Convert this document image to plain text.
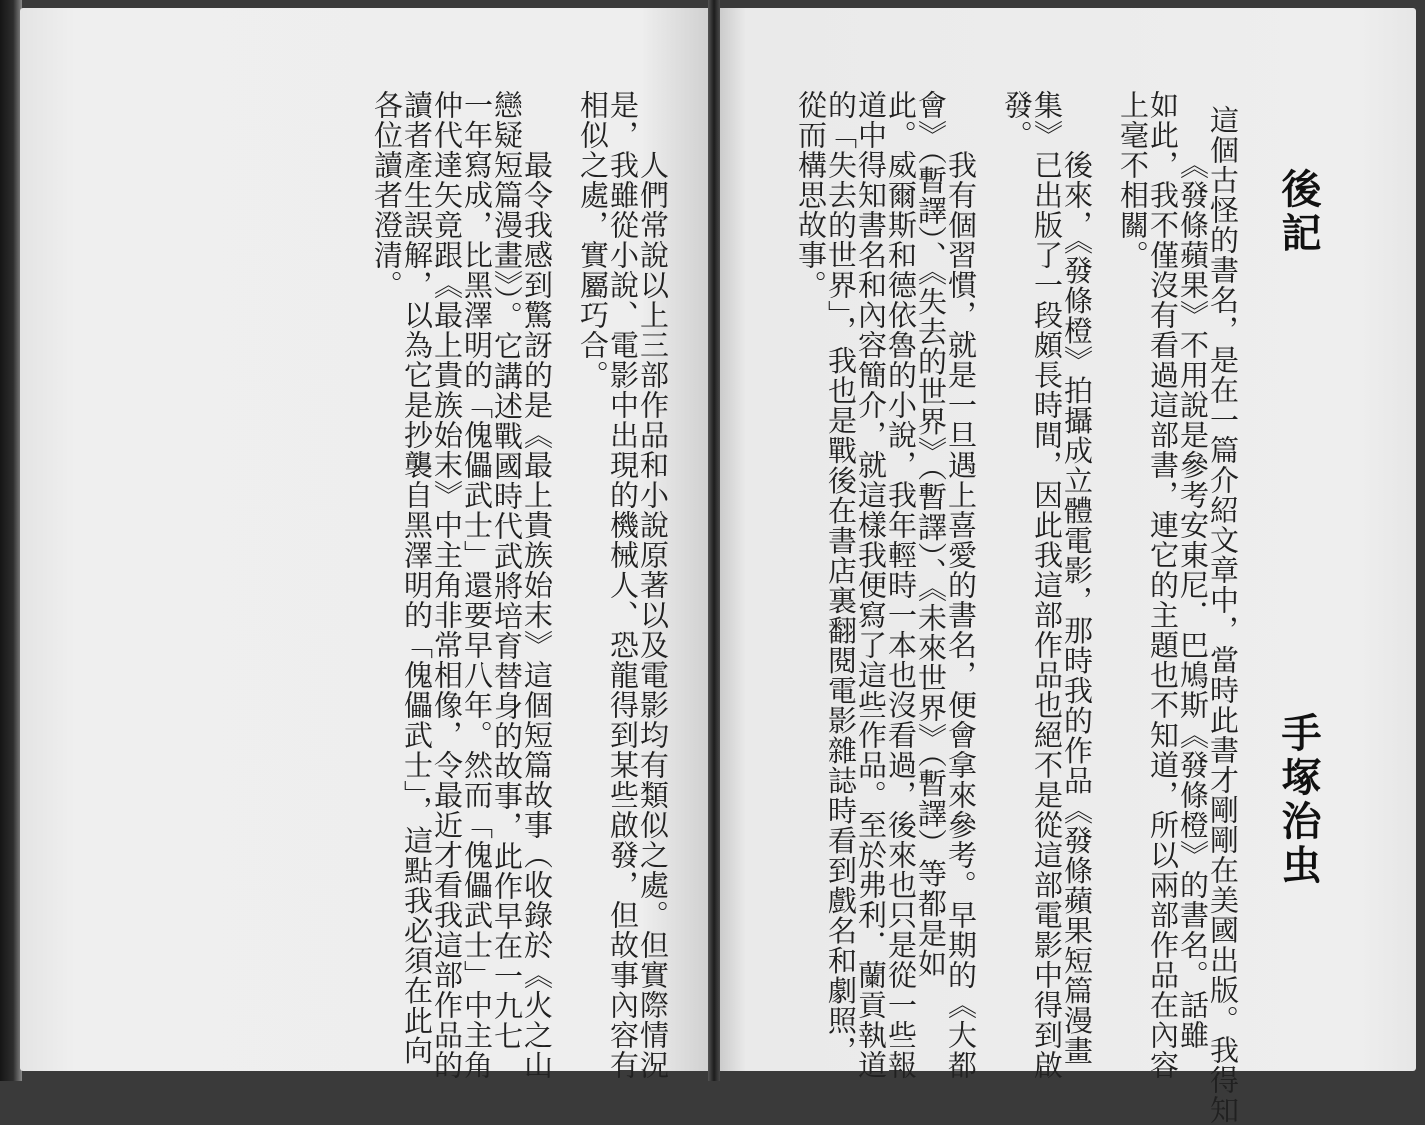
後記
手塚治虫
這個古怪的書名，是在一篇介紹文章中，當時此書才剛剛在美國出版。我得知
《發條蘋果》不用說是參考安東尼．巴鳩斯《發條橙》的書名。話雖
如此，我不僅沒有看過這部書，連它的主題也不知道，所以兩部作品在內容
上毫不相關。
後來，《發條橙》拍攝成立體電影，那時我的作品《發條蘋果短篇漫畫
集》已出版了一段頗長時間，因此我這部作品也絕不是從這部電影中得到啟
發。
我有個習慣，就是一旦遇上喜愛的書名，便會拿來參考。早期的《大都
會》（暫譯）、《失去的世界》（暫譯）、《未來世界》（暫譯）等都是如
此。威爾斯和德依魯的小說，我年輕時一本也沒看過，後來也只是從一些報
道中得知書名和內容簡介，就這樣我便寫了這些作品。至於弗利．蘭貢執道
的「失去的世界」，我也是戰後在書店裏翻閱電影雜誌時看到戲名和劇照，
從而構思故事。
人們常說以上三部作品和小說原著以及電影均有類似之處。但實際情況
是，我雖從小說、電影中出現的機械人、恐龍得到某些啟發，但故事內容有
相似之處，實屬巧合。
最令我感到驚訝的是《最上貴族始末》這個短篇故事（收錄於《火之山
戀疑短篇漫畫》）。它講述戰國時代武將培育替身的故事，此作早在一九七
一年寫成，比黑澤明的「傀儡武士」還要早八年。然而「傀儡武士」中主角
仲代達矢竟跟《最上貴族始末》中主角非常相像，令最近才看我這部作品的
讀者產生誤解，以為它是抄襲自黑澤明的「傀儡武士」，這點我必須在此向
各位讀者澄清。
